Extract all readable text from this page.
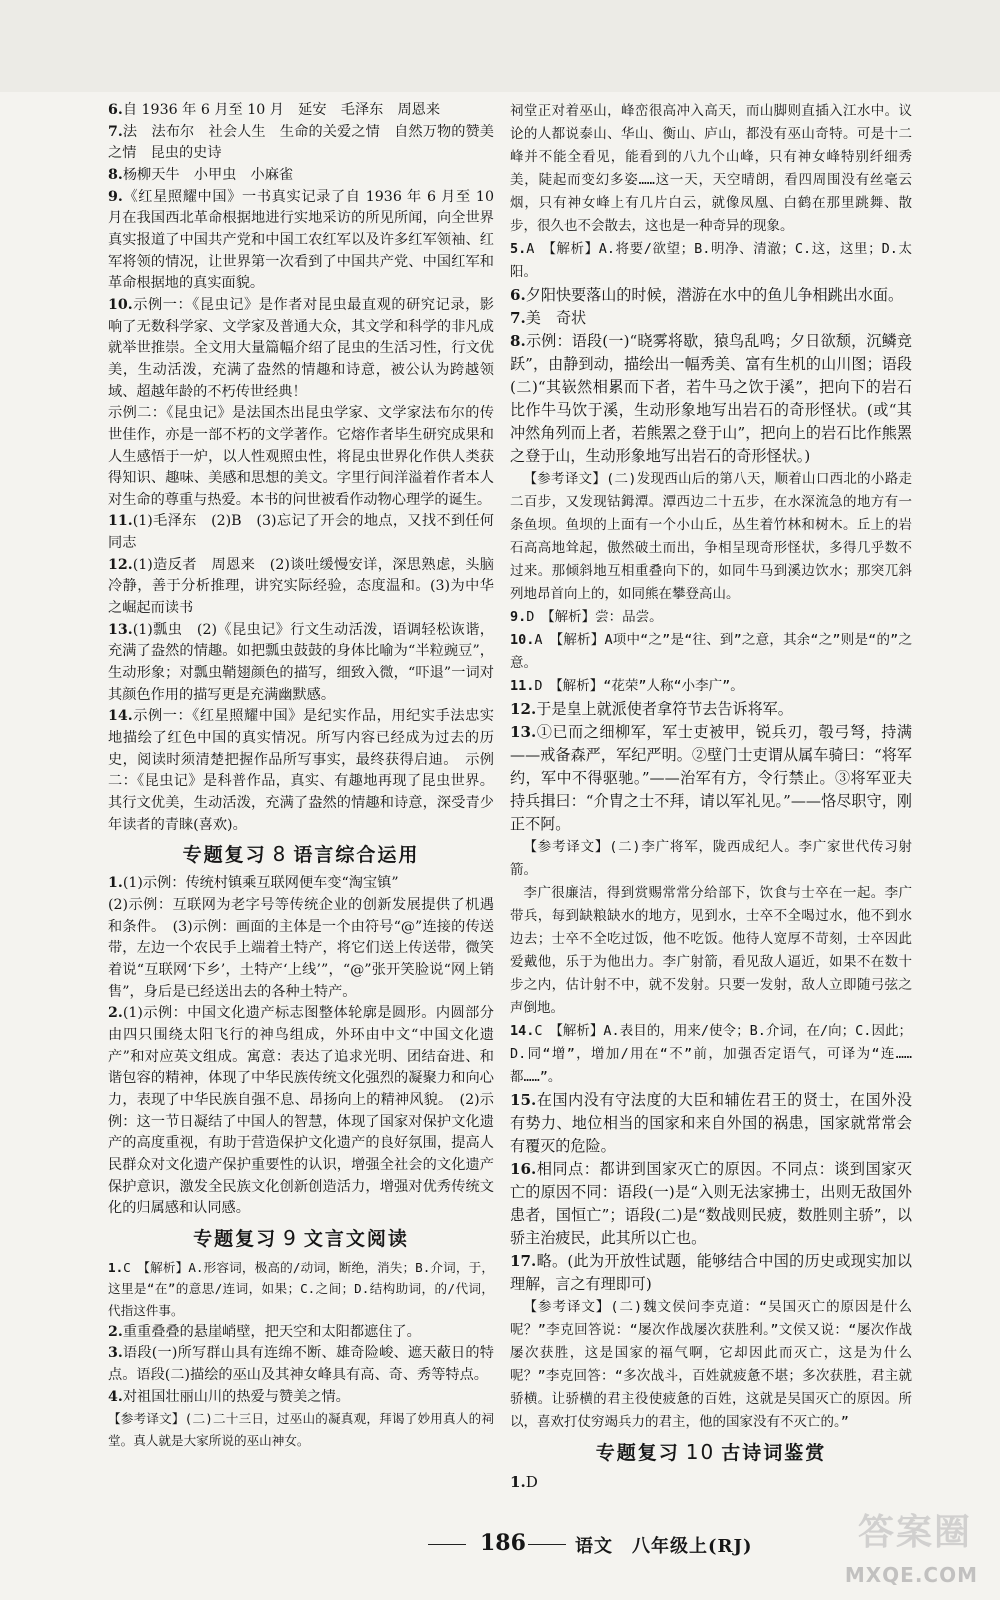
6.自 1936 年 6 月至 10 月　延安　毛泽东　周恩来

7.法　法布尔　社会人生　生命的关爱之情　自然万物的赞美之情　昆虫的史诗

8.杨柳天牛　小甲虫　小麻雀

9.《红星照耀中国》一书真实记录了自 1936 年 6 月至 10 月在我国西北革命根据地进行实地采访的所见所闻，向全世界真实报道了中国共产党和中国工农红军以及许多红军领袖、红军将领的情况，让世界第一次看到了中国共产党、中国红军和革命根据地的真实面貌。

10.示例一：《昆虫记》是作者对昆虫最直观的研究记录，影响了无数科学家、文学家及普通大众，其文学和科学的非凡成就举世推崇。全文用大量篇幅介绍了昆虫的生活习性，行文优美，生动活泼，充满了盎然的情趣和诗意，被公认为跨越领域、超越年龄的不朽传世经典！

示例二：《昆虫记》是法国杰出昆虫学家、文学家法布尔的传世佳作，亦是一部不朽的文学著作。它熔作者毕生研究成果和人生感悟于一炉，以人性观照虫性，将昆虫世界化作供人类获得知识、趣味、美感和思想的美文。字里行间洋溢着作者本人对生命的尊重与热爱。本书的问世被看作动物心理学的诞生。

11.(1)毛泽东　(2)B　(3)忘记了开会的地点，又找不到任何同志

12.(1)造反者　周恩来　(2)谈吐缓慢安详，深思熟虑，头脑冷静，善于分析推理，讲究实际经验，态度温和。(3)为中华之崛起而读书

13.(1)瓢虫　(2)《昆虫记》行文生动活泼，语调轻松诙谐，充满了盎然的情趣。如把瓢虫鼓鼓的身体比喻为“半粒豌豆”，生动形象；对瓢虫鞘翅颜色的描写，细致入微，“吓退”一词对其颜色作用的描写更是充满幽默感。

14.示例一：《红星照耀中国》是纪实作品，用纪实手法忠实地描绘了红色中国的真实情况。所写内容已经成为过去的历史，阅读时须清楚把握作品所写事实，最终获得启迪。　示例二：《昆虫记》是科普作品，真实、有趣地再现了昆虫世界。其行文优美，生动活泼，充满了盎然的情趣和诗意，深受青少年读者的青睐(喜欢)。

专题复习 8 语言综合运用

1.(1)示例：传统村镇乘互联网便车变“淘宝镇”

(2)示例：互联网为老字号等传统企业的创新发展提供了机遇和条件。　(3)示例：画面的主体是一个由符号“@”连接的传送带，左边一个农民手上端着土特产，将它们送上传送带，微笑着说“互联网‘下乡’，土特产‘上线’”，“@”张开笑脸说“网上销售”，身后是已经送出去的各种土特产。

2.(1)示例：中国文化遗产标志图整体轮廓是圆形。内圆部分由四只围绕太阳飞行的神鸟组成，外环由中文“中国文化遗产”和对应英文组成。寓意：表达了追求光明、团结奋进、和谐包容的精神，体现了中华民族传统文化强烈的凝聚力和向心力，表现了中华民族自强不息、昂扬向上的精神风貌。　(2)示例：这一节日凝结了中国人的智慧，体现了国家对保护文化遗产的高度重视，有助于营造保护文化遗产的良好氛围，提高人民群众对文化遗产保护重要性的认识，增强全社会的文化遗产保护意识，激发全民族文化创新创造活力，增强对优秀传统文化的归属感和认同感。

专题复习 9 文言文阅读

1.C　【解析】A.形容词，极高的/动词，断绝，消失；B.介词，于，这里是“在”的意思/连词，如果；C.之间；D.结构助词，的/代词，代指这件事。

2.重重叠叠的悬崖峭壁，把天空和太阳都遮住了。

3.语段(一)所写群山具有连绵不断、雄奇险峻、遮天蔽日的特点。语段(二)描绘的巫山及其神女峰具有高、奇、秀等特点。

4.对祖国壮丽山川的热爱与赞美之情。

【参考译文】(二)二十三日，过巫山的凝真观，拜谒了妙用真人的祠堂。真人就是大家所说的巫山神女。

祠堂正对着巫山，峰峦很高冲入高天，而山脚则直插入江水中。议论的人都说泰山、华山、衡山、庐山，都没有巫山奇特。可是十二峰并不能全看见，能看到的八九个山峰，只有神女峰特别纤细秀美，陡起而变幻多姿……这一天，天空晴朗，看四周围没有丝毫云烟，只有神女峰上有几片白云，就像凤凰、白鹤在那里跳舞、散步，很久也不会散去，这也是一种奇异的现象。

5.A　【解析】A.将要/欲望；B.明净、清澈；C.这，这里；D.太阳。

6.夕阳快要落山的时候，潜游在水中的鱼儿争相跳出水面。

7.美　奇状

8.示例：语段(一)“晓雾将歇，猿鸟乱鸣；夕日欲颓，沉鳞竞跃”，由静到动，描绘出一幅秀美、富有生机的山川图；语段(二)“其嵚然相累而下者，若牛马之饮于溪”，把向下的岩石比作牛马饮于溪，生动形象地写出岩石的奇形怪状。(或“其冲然角列而上者，若熊罴之登于山”，把向上的岩石比作熊罴之登于山，生动形象地写出岩石的奇形怪状。)

【参考译文】(二)发现西山后的第八天，顺着山口西北的小路走二百步，又发现钴鉧潭。潭西边二十五步，在水深流急的地方有一条鱼坝。鱼坝的上面有一个小山丘，丛生着竹林和树木。丘上的岩石高高地耸起，傲然破土而出，争相呈现奇形怪状，多得几乎数不过来。那倾斜地互相重叠向下的，如同牛马到溪边饮水；那突兀斜列地昂首向上的，如同熊在攀登高山。

9.D　【解析】尝：品尝。

10.A　【解析】A项中“之”是“往、到”之意，其余“之”则是“的”之意。

11.D　【解析】“花荣”人称“小李广”。

12.于是皇上就派使者拿符节去告诉将军。

13.①已而之细柳军，军士吏被甲，锐兵刃，彀弓弩，持满——戒备森严，军纪严明。②壁门士吏谓从属车骑曰：“将军约，军中不得驱驰。”——治军有方，令行禁止。③将军亚夫持兵揖曰：“介胄之士不拜，请以军礼见。”——恪尽职守，刚正不阿。

【参考译文】(二)李广将军，陇西成纪人。李广家世代传习射箭。

李广很廉洁，得到赏赐常常分给部下，饮食与士卒在一起。李广带兵，每到缺粮缺水的地方，见到水，士卒不全喝过水，他不到水边去；士卒不全吃过饭，他不吃饭。他待人宽厚不苛刻，士卒因此爱戴他，乐于为他出力。李广射箭，看见敌人逼近，如果不在数十步之内，估计射不中，就不发射。只要一发射，敌人立即随弓弦之声倒地。

14.C　【解析】A.表目的，用来/使令；B.介词，在/向；C.因此；D.同“增”，增加/用在“不”前，加强否定语气，可译为“连……都……”。

15.在国内没有守法度的大臣和辅佐君王的贤士，在国外没有势力、地位相当的国家和来自外国的祸患，国家就常常会有覆灭的危险。

16.相同点：都讲到国家灭亡的原因。不同点：谈到国家灭亡的原因不同：语段(一)是“入则无法家拂士，出则无敌国外患者，国恒亡”；语段(二)是“数战则民疲，数胜则主骄”，以骄主治疲民，此其所以亡也。

17.略。(此为开放性试题，能够结合中国的历史或现实加以理解，言之有理即可)

【参考译文】(二)魏文侯问李克道：“吴国灭亡的原因是什么呢？”李克回答说：“屡次作战屡次获胜利。”文侯又说：“屡次作战屡次获胜，这是国家的福气啊，它却因此而灭亡，这是为什么呢？”李克回答：“多次战斗，百姓就疲惫不堪；多次获胜，君主就骄横。让骄横的君主役使疲惫的百姓，这就是吴国灭亡的原因。所以，喜欢打仗穷竭兵力的君主，他的国家没有不灭亡的。”

专题复习 10 古诗词鉴赏

1.D

186	语文　八年级上(RJ)	答案圈
MXQE.COM
